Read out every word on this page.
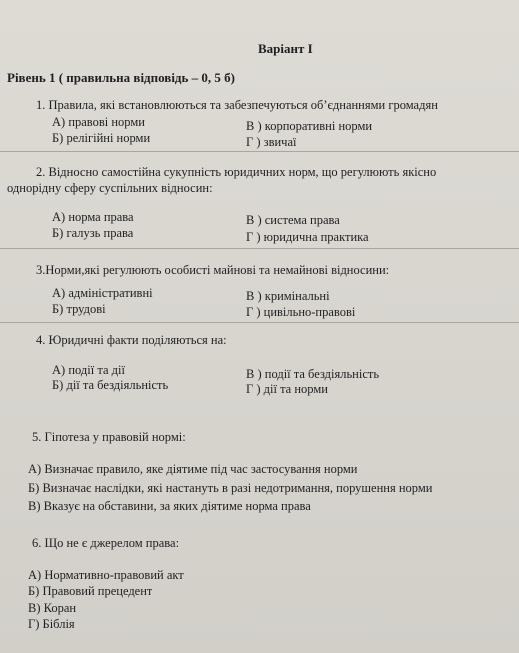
Варіант І
Рівень 1 ( правильна відповідь – 0, 5 б)
1. Правила, які встановлюються та забезпечуються об’єднаннями громадян
А) правові норми	В ) корпоративні норми
Б) релігійні норми	Г ) звичаї
2. Відносно самостійна сукупність юридичних норм, що регулюють якісно
однорідну сферу суспільних відносин:
А) норма права	В ) система права
Б) галузь права	Г ) юридична практика
3.Норми,які регулюють особисті майнові та немайнові відносини:
А) адміністративні	В ) кримінальні
Б) трудові	Г ) цивільно-правові
4. Юридичні факти поділяються на:
А) події та дії	В ) події та бездіяльність
Б) дії та бездіяльність	Г ) дії та норми
5. Гіпотеза у правовій нормі:
А) Визначає правило, яке діятиме під час застосування норми
Б) Визначає наслідки, які настануть в разі недотримання, порушення норми
В) Вказує на обставини, за яких діятиме норма права
6. Що не є джерелом права:
А) Нормативно-правовий акт
Б) Правовий прецедент
В) Коран
Г) Біблія
